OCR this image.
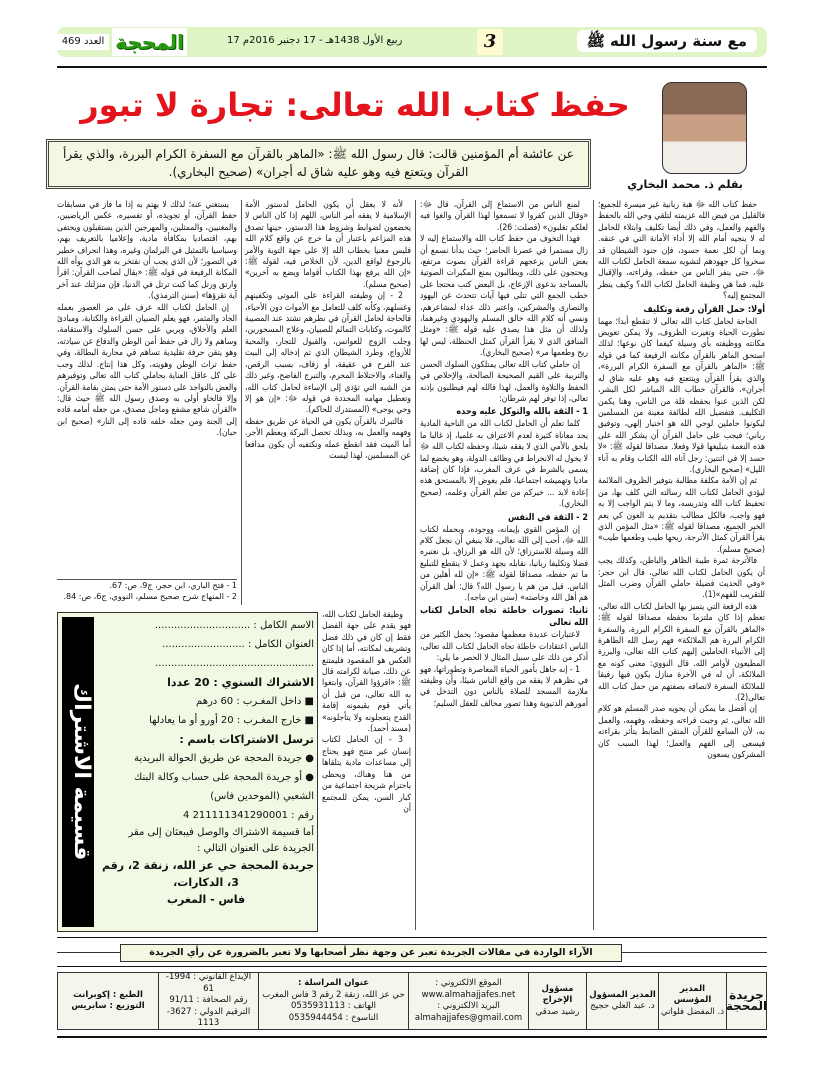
مع سنة رسول الله ﷺ
3
17 ربيع الأول 1438هـ - 17 دجنبر 2016م
المحجة
العدد 469
حفظ كتاب الله تعالى: تجارة لا تبور
بقلم ذ. محمد البخاري
عن عائشة أم المؤمنين قالت: قال رسول الله ﷺ: «الماهر بالقرآن مع السفرة الكرام البررة، والذي يقرأ القرآن ويتعتع فيه وهو عليه شاق له أجران» (صحيح البخاري).

حفظ كتاب الله ﷻ هبة ربانية غير ميسرة للجميع؛ فالقليل من فيض الله عزيمته لتلقي وحي الله بالحفظ والفهم والعمل، وفي ذلك أيضا تكليف وابتلاء للحامل له لا ينجيه أمام الله إلا أداء الأمانة التي في عنقه. وبما أن لكل نعمة حسود، فإن جنود الشيطان قد سخروا كل جهودهم لتشويه سمعة الحامل لكتاب الله ﷻ، حتى ينفر الناس من حفظه، وقراءته، والإقبال عليه. فما هي وظيفة الحامل لكتاب الله؟ وكيف ينظر المجتمع إليه؟

أولا: حمل القرآن رفعة وتكليف

الحاجة لحامل كتاب الله تعالى لا تنقطع أبدا؛ مهما تطورت الحياة وتغيرت الظروف، ولا يمكن تعويض مكانته ووظيفته بأي وسيلة كيفما كان نوعها؛ لذلك استحق الماهر بالقرآن مكانته الرفيعة كما في قوله ﷺ: «الماهر بالقرآن مع السفرة الكرام البررة»، والذي يقرأ القرآن ويتتعتع فيه وهو عليه شاق له أجران»، فالقرآن خطاب الله المباشر لكل البشر، لكن الذين عنوا بحفظه قلة من الناس، وهنا يكمن التكليف. فتفضيل الله لطائفة معينة من المسلمين ليكونوا حاملين لوحي الله هو اختيار إلهي، وتوفيق رباني؛ فيجب على حامل القرآن أن يشكر الله على هذه النعمة بتبليغها قولا وفعلا. مصداقا لقوله ﷺ: «لا حسد إلا في اثنتين: رجل آتاه الله الكتاب وقام به آناء الليل» (صحيح البخاري).

ثم إن الأمة مكلفة مطالبة بتوفير الظروف الملائمة ليؤدي الحامل لكتاب الله رسالته التي كلف بها، من تحفيظ كتاب الله وتدريسه، وما لا يتم الواجب إلا به فهو واجب، فالكل مطالب بتقديم يد العون كي يعم الخير الجميع، مصداقا لقوله ﷺ: «مثل المؤمن الذي يقرأ القرآن كمثل الأترجة، ريحها طيب وطعمها طيب» (صحيح مسلم).

فالأترجة ثمرة طيبة الظاهر والباطن، وكذلك يجب أن يكون الحامل لكتاب الله تعالى، قال ابن حجر: «وفي الحديث فضيلة حاملي القرآن وضرب المثل للتقريب للفهم»(1).

هذه الرفعة التي يتميز بها الحامل لكتاب الله تعالى، تعظم إذا كان ملتزما بحفظه مصداقا لقوله ﷺ: «الماهر بالقرآن مع السفرة الكرام البررة، والسفرة الكرام البررة هم الملائكة» فهم رسل الله الطاهرة إلى الأنبياء الحاملين إليهم كتاب الله تعالى، والبررة المطيعون لأوامر الله. قال النووي: معنى كونه مع الملائكة، أن له في الآخرة منازل يكون فيها رفيقا للملائكة السفرة لاتصافه بصفتهم من حمل كتاب الله تعالى(2).

إن أفضل ما يمكن أن يحويه صدر المسلم هو كلام الله تعالى، ثم وجبت قراءته وحفظه، وفهمه، والعمل به، لأن السامع للقرآن المتقن الضابط يتأثر بقراءته فيسعى إلى الفهم والعمل؛ لهذا السبب كان المشركون يسعون

لمنع الناس من الاستماع إلى القرآن، قال ﷻ: «وقال الذين كفروا لا تسمعوا لهذا القرآن والغوا فيه لعلكم تغلبون» (فصلت: 26).

فهذا التخوف من حفظ كتاب الله والاستماع إليه لا زال مستمرا في عصرنا الحاضر؛ حيث بدأنا نسمع أن بعض الناس يزعجهم قراءة القرآن بصوت مرتفع، ويحتجون على ذلك، ويطالبون بمنع المكبرات الصوتية بالمساجد بدعوى الإزعاج، بل البعض كتب محتجا على خطب الجمع التي تتلى فيها آيات تتحدث عن اليهود والنصارى والمشركين، واعتبر ذلك عداء لمشاعرهم، ونسي أنه كلام الله خالق المسلم واليهودي وغيرهما، ولذلك أن مثل هذا يصدق عليه قوله ﷺ: «ومثل المنافق الذي لا يقرأ القرآن كمثل الحنظلة، ليس لها ريح وطعمها مر» (صحيح البخاري).

إن حاملي كتاب الله تعالى يمتلكون السلوك الحسن والتربية على القيم الصحيحة الصالحة، والإخلاص في الحفظ والتلاوة والعمل، لهذا فالله لهم فيطلبون بإذنه تعالى، إذا توفر لهم شرطان:

1 - الثقة بالله والتوكل عليه وحده

كلما تعلم أن الحامل لكتاب الله من الناحية المادية يجد معاناة كثيرة لعدم الاعتراف به علميا، إذ غالبا ما يلحق بالأمي الذي لا يفقه شيئا، وحفظه لكتاب الله ﷻ لا يخول له الانخراط في وظائف الدولة، وهو يخضع لما يسمى بالشرط في عرف المغرب، فإذا كان إضافة ماديا وتهميشه اجتماعيا، فلم يعوض إلا بالمستحق هذه إعادة لابد ... خيركم من تعلم القرآن وعلمه، (صحيح البخاري).

2 - الثقة في النفس

إن المؤمن القوي بإيمانه، ووجوده، وبحمله لكتاب الله ﷻ، أحب إلى الله تعالى، فلا ينبغي أن نجعل كلام الله وسيلة للاسترزاق؛ لأن الله هو الرزاق، بل نعتبره فضلا وتكليفا ربانيا، نقابله بجهد وعمل لا ينقطع للتبليغ ما تم حفظه، مصداقا لقوله ﷺ: «إن لله أهلين من الناس. قيل من هم يا رسول الله؟ قال: أهل القرآن هم أهل الله وخاصته» (سنن ابن ماجه).

ثانيا: تصورات خاطئة تجاه الحامل لكتاب الله تعالى

لاعتبارات عديدة معظمها مقصود؛ يحمل الكثير من الناس اعتقادات خاطئة تجاه الحامل لكتاب الله تعالى، أذكر من ذلك على سبيل المثال لا الحصر ما يلي:

1 - إنه جاهل بأمور الحياة المعاصرة وتطوراتها، فهو في نظرهم لا يفقه من واقع الناس شيئا، وأن وظيفته ملازمة المسجد للصلاة بالناس دون التدخل في أمورهم الدنيوية وهذا تصور مخالف للعقل السليم؛

لأنه لا يعقل أن يكون الحامل لدستور الأمة الإسلامية لا يفقه أمر الناس، اللهم إذا كان الناس لا يخضعون لضوابط وشروط هذا الدستور، حينها تصدق هذه المزاعم باعتبار أن ما خرج عن واقع كلام الله فليس معنيا بخطاب الله إلا على جهة التوبة والأمر بالرجوع لواقع الدين، لأن الخلاص فيه، لقوله ﷺ: «إن الله يرفع بهذا الكتاب أقواما ويضع به آخرين» (صحيح مسلم).

2 - إن وظيفته القراءة على الموتى وتكفينهم وغسلهم، وكأنه كلف للتعامل مع الأموات دون الأحياء، فالحاجة لحامل القرآن في نظرهم تشتد عند المصيبة كالموت، وكتابات التمائم للصبيان، وعلاج المسحورين، وجلب الزوج للعوانس، والقبول للتجار، والمحبة للأزواج، وطرد الشيطان الذي تم إدخاله إلى البيت عند الفرح في عقيقة، أو زفاف، بسبب الرقص، والغناء، والاختلاط المحرم، والتبرج الفاضح، وغير ذلك من الشبه التي تؤدي إلى الإساءة لحامل كتاب الله، وتعطيل مهامه المحددة في قوله ﷻ: «إن هو إلا وحي يوحى» (المستدرك للحاكم).

فالتبرك بالقرآن يكون في الحياة عن طريق حفظه وفهمه والعمل به، وبذلك تحصل البركة ويعظم الأجر. أما الميت فقد انقطع عمله ونكتفيه أن يكون مدافعا عن المسلمين، لهذا ليست

وظيفة الحامل لكتاب الله، فهو يقدم على جهة الفضل فقط إن كان في ذلك فضل وتشريف لمكانته، أما إذا كان العكس هو المقصود فليمتنع عن ذلك، صيانة لكرامته قال ﷺ: «اقرؤوا القرآن، وابتغوا به الله تعالى، من قبل أن يأتي قوم يقيمونه إقامة القدح يتعجلونه ولا يتأجلونه» (مسند أحمد).

3 - إن الحامل لكتاب إنسان غير منتج فهو يحتاج إلى مساعدات مادية يتلقاها من هنا وهناك، ويحظى باحترام شريحة اجتماعية من كبار السن، يمكن للمجتمع أن

يستغني عنه؛ لذلك لا يهتم به إذا ما فاز في مسابقات حفظ القرآن، أو تجويده، أو تفسيره، عكس الرياضيين، والمغنيين، والممثلين، والمهرجين الذين يستقبلون ويحتفى بهم، اقتصاديا بمكافأة مادية، وإعلاميا بالتعريف بهم، وسياسيا بالتمثيل في البرلمان وغيره، وهذا انحراف خطير في التصور؛ لأن الذي يجب أن نفتخر به هو الذي بوأه الله المكانة الرفيعة في قوله ﷺ: «يقال لصاحب القرآن: اقرأ وارتق ورتل كما كنت ترتل في الدنيا، فإن منزلتك عند آخر آية تقرؤها» (سنن الترمذي).

إن الحامل لكتاب الله عرف على مر العصور بعمله الجاد والمثمر، فهو يعلم الصبيان القراءة والكتابة، ومبادئ العلم والأخلاق، ويربي على حسن السلوك والاستقامة، وساهم ولا زال في حفظ أمن الوطن والدفاع عن سيادته، وهو يتقن حرفة تقليدية تساهم في محاربة البطالة، وفي حفظ تراث الوطن وهويته، وكل هذا إنتاج. لذلك وجب على كل عاقل العناية بحاملي كتاب الله تعالى وتوقيرهم والعض بالنواجذ على دستور الأمة حتى يمتن بقامة القرآن. وإلا فالخاو أولى به وصدق رسول الله ﷺ حيث قال: «القرآن شافع مشفع وماحل مصدق، من جعله أمامه قاده إلى الجنة ومن جعله خلفه قاده إلى النار» (صحيح ابن حبان).

1 - فتح الباري، ابن حجر، ج9، ص: 67.
2 - المنهاج شرح صحيح مسلم، النووي، ج6، ص: 84.
قسيمة الاشتراك
الاسم الكامل : ..............................
العنوان الكامل : ..........................
..................................................
الاشتراك السنوي : 20 عددا
■ داخل المغـرب : 60 درهم
■ خارج المغـرب : 20 أورو أو ما يعادلها
ترسل الاشتراكات باسم :
● جريدة المحجة عن طريق الحوالة البريدية
● أو جريدة المحجة على حساب وكالة البنك
الشعبي (الموحدين فاس)
رقم : 211111341290001 4
أما قسيمة الاشتراك والوصل فيبعثان إلى مقر
الجريدة على العنوان التالي :
جريدة المحجة حي عز الله، زنقة 2، رقم
3، الدكارات،
فاس - المغرب
الآراء الواردة في مقالات الجريدة تعبر عن وجهة نظر أصحابها ولا تعبر بالضرورة عن رأي الجريدة
جريدة المحجة
المدير المؤسس
ذ. المفضل فلواتي
المدير المسؤول
د. عبد العلي حجيج
مسؤول الإخراج
رشيد صدقي
الموقع الالكتروني :
www.almahajjafes.net
البريد الالكتروني :
almahajjafes@gmail.com
عنوان المراسلة :
حي عز الله، زنقة 2 رقم 3 فاس المغرب
الهاتف : 0535931113
الناسوخ : 0535944454
الإيداع القانوني : 1994-61
رقم الصحافة : 91/11
الترقيم الدولي : 3627-1113
الطبع : إكوبرانت
التوزيع : سابريس
